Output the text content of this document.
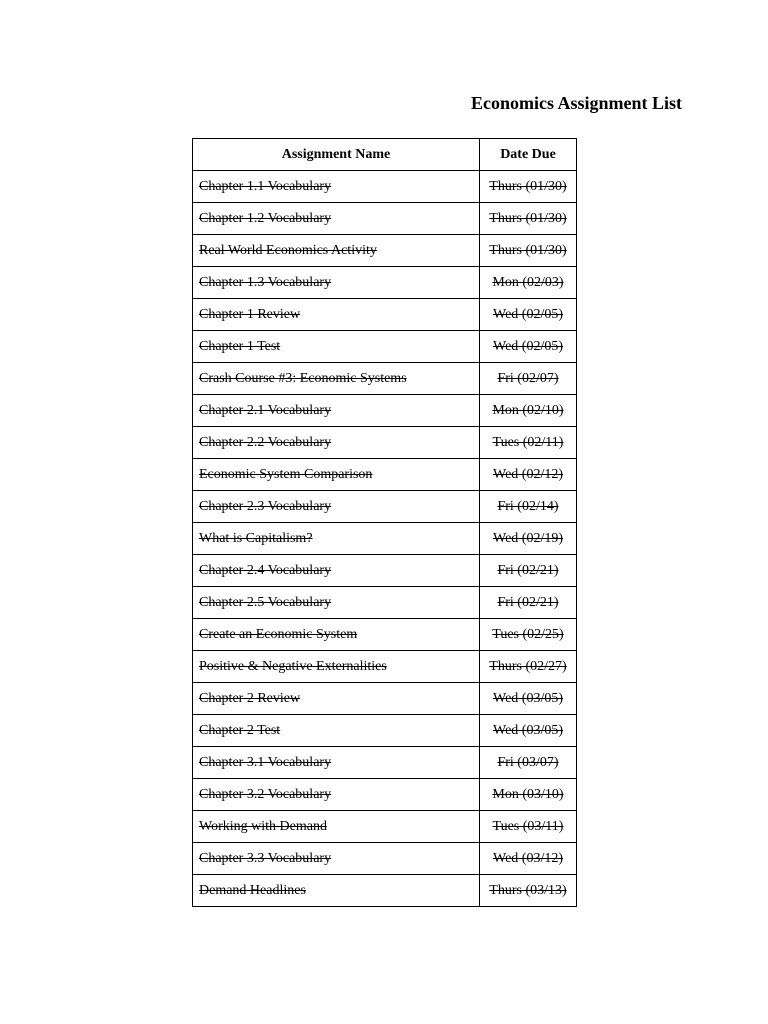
Economics Assignment List
Assignment Name	Date Due
Chapter 1.1 Vocabulary	Thurs (01/30)
Chapter 1.2 Vocabulary	Thurs (01/30)
Real World Economics Activity	Thurs (01/30)
Chapter 1.3 Vocabulary	Mon (02/03)
Chapter 1 Review	Wed (02/05)
Chapter 1 Test	Wed (02/05)
Crash Course #3: Economic Systems	Fri (02/07)
Chapter 2.1 Vocabulary	Mon (02/10)
Chapter 2.2 Vocabulary	Tues (02/11)
Economic System Comparison	Wed (02/12)
Chapter 2.3 Vocabulary	Fri (02/14)
What is Capitalism?	Wed (02/19)
Chapter 2.4 Vocabulary	Fri (02/21)
Chapter 2.5 Vocabulary	Fri (02/21)
Create an Economic System	Tues (02/25)
Positive & Negative Externalities	Thurs (02/27)
Chapter 2 Review	Wed (03/05)
Chapter 2 Test	Wed (03/05)
Chapter 3.1 Vocabulary	Fri (03/07)
Chapter 3.2 Vocabulary	Mon (03/10)
Working with Demand	Tues (03/11)
Chapter 3.3 Vocabulary	Wed (03/12)
Demand Headlines	Thurs (03/13)
